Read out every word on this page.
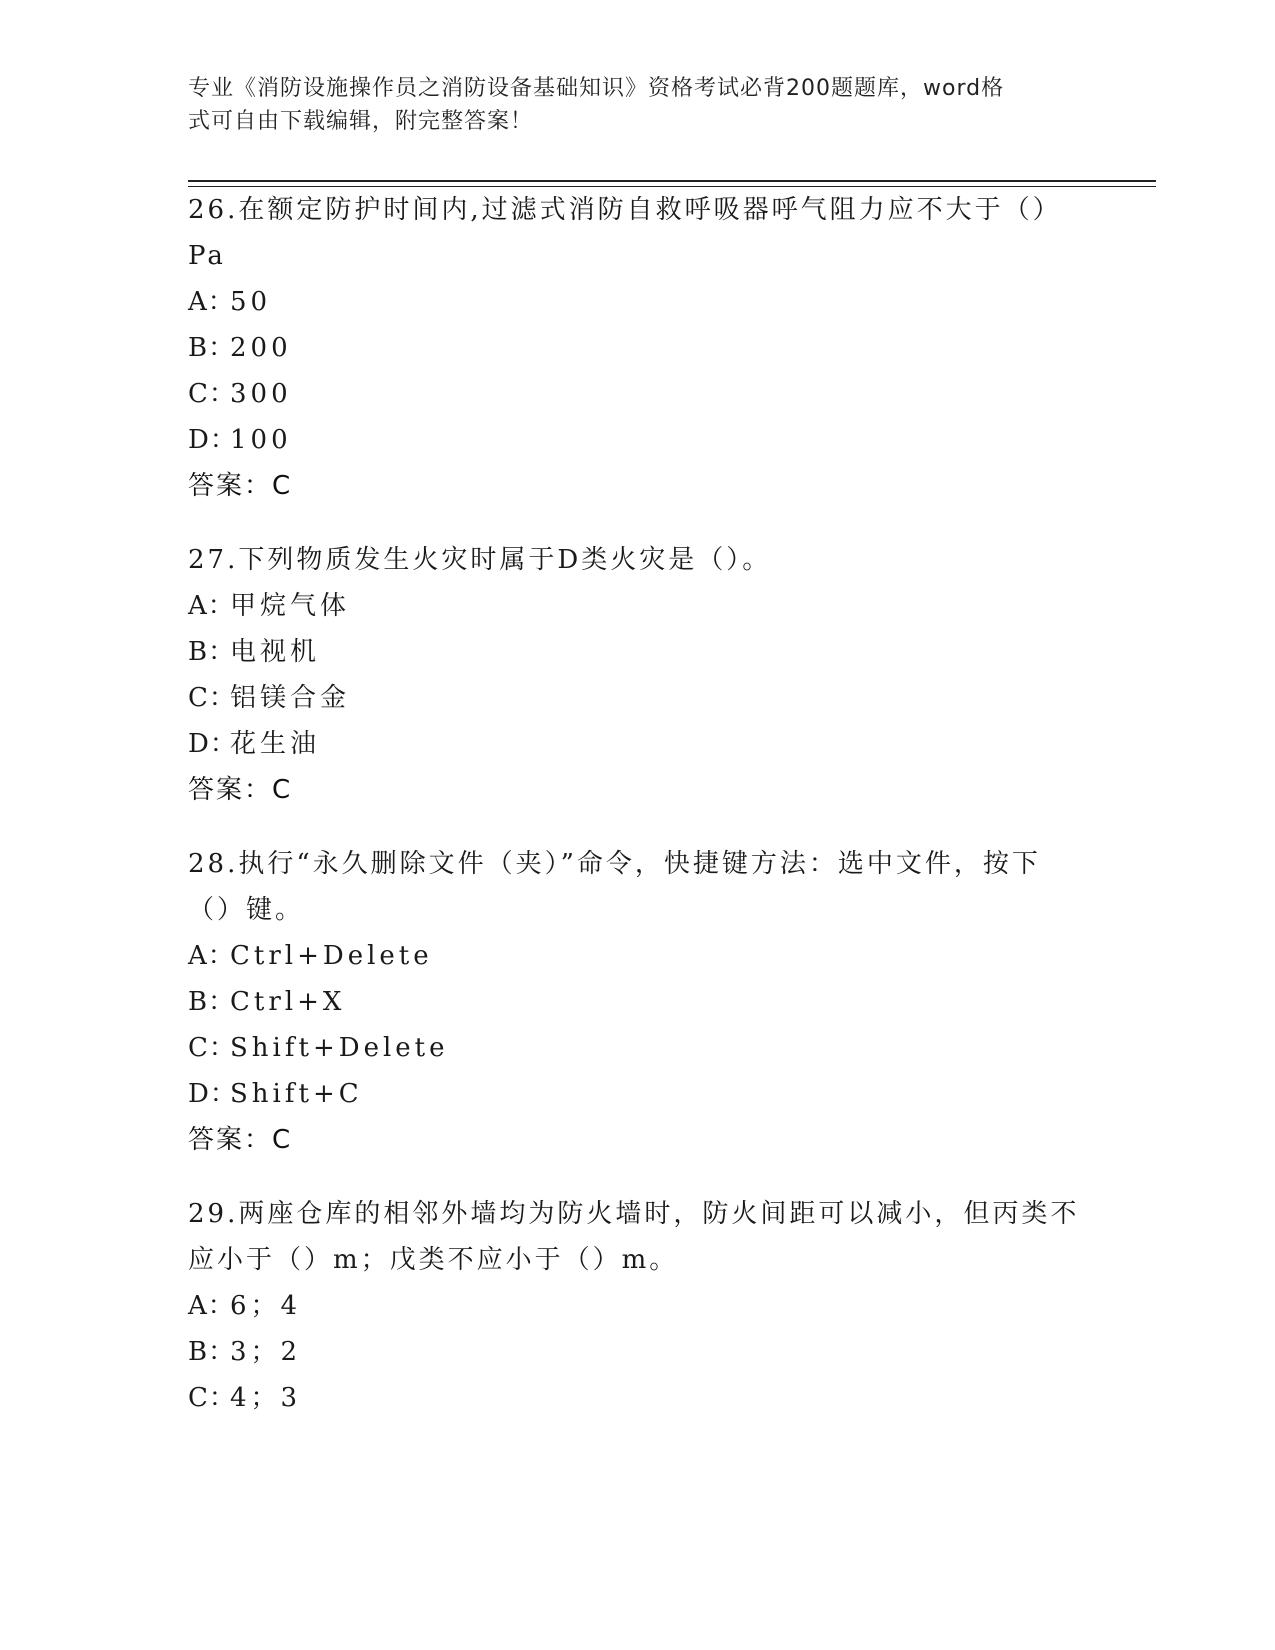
专业《消防设施操作员之消防设备基础知识》资格考试必背200题题库，word格
式可自由下载编辑，附完整答案！
26.在额定防护时间内,过滤式消防自救呼吸器呼气阻力应不大于（）
Pa
A：50
B：200
C：300
D：100
答案：C
27.下列物质发生火灾时属于D类火灾是（）。
A：甲烷气体
B：电视机
C：铝镁合金
D：花生油
答案：C
28.执行“永久删除文件（夹）”命令，快捷键方法：选中文件，按下
（）键。
A：Ctrl+Delete
B：Ctrl+X
C：Shift+Delete
D：Shift+C
答案：C
29.两座仓库的相邻外墙均为防火墙时，防火间距可以减小，但丙类不
应小于（）m；戊类不应小于（）m。
A：6；4
B：3；2
C：4；3
